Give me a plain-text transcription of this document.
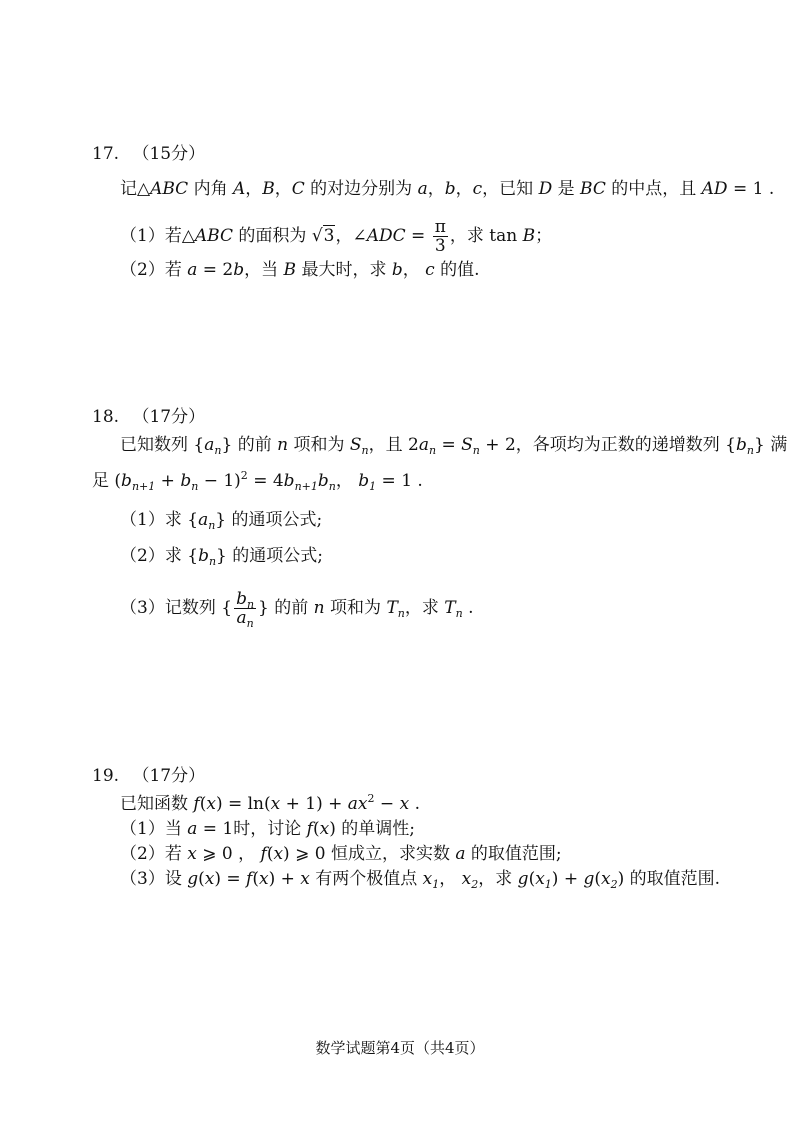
17. （15分）
记△ABC 内角 A，B，C 的对边分别为 a，b，c，已知 D 是 BC 的中点，且 AD = 1 .
（1）若△ABC 的面积为 √3，∠ADC = $\frac{\pi}{3}$ ，求 tan B；
（2）若 a = 2b，当 B 最大时，求 b， c 的值.
18. （17分）
已知数列 $\{a_n\}$ 的前 n 项和为 $S_n$，且 $2a_n = S_n + 2$，各项均为正数的递增数列 $\{b_n\}$ 满
足 $(b_{n+1} + b_n - 1)^2 = 4b_{n+1}b_n$， $b_1 = 1$ .
（1）求 $\{a_n\}$ 的通项公式;
（2）求 $\{b_n\}$ 的通项公式;
（3）记数列 { $\frac{b_n}{a_n}$ } 的前 n 项和为 $T_n$，求 $T_n$ .
19. （17分）
已知函数 $f(x) = \ln(x + 1) + ax^2 - x$ .
（1）当 a = 1时，讨论 f(x) 的单调性;
（2）若 x ⩾ 0 ， f(x) ⩾ 0 恒成立，求实数 a 的取值范围;
（3）设 g(x) = f(x) + x 有两个极值点 $x_1$， $x_2$，求 $g(x_1) + g(x_2)$ 的取值范围.
数学试题第4页（共4页）
